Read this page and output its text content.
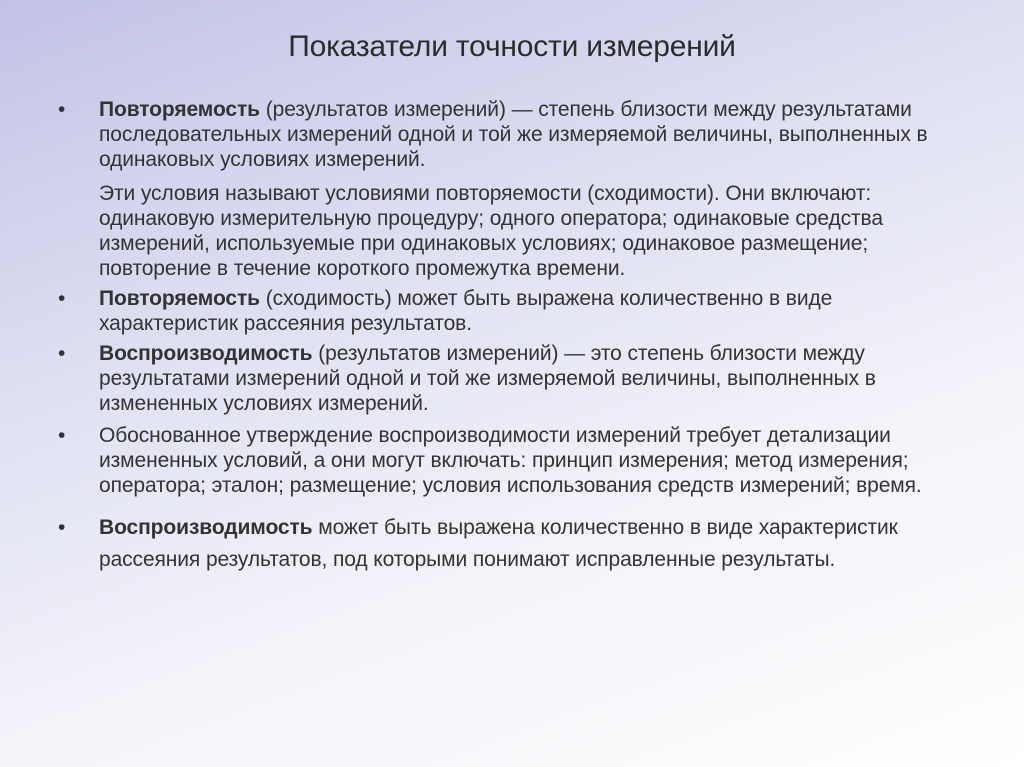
Показатели точности измерений
• Повторяемость (результатов измерений) — степень близости между результатами последовательных измерений одной и той же измеряемой величины, выполненных в одинаковых условиях измерений.
Эти условия называют условиями повторяемости (сходимости). Они включают: одинаковую измерительную процедуру; одного оператора; одинаковые средства измерений, используемые при одинаковых условиях; одинаковое размещение; повторение в течение короткого промежутка времени.
• Повторяемость (сходимость) может быть выражена количественно в виде характеристик рассеяния результатов.
• Воспроизводимость (результатов измерений) — это степень близости между результатами измерений одной и той же измеряемой величины, выполненных в измененных условиях измерений.
• Обоснованное утверждение воспроизводимости измерений требует детализации измененных условий, а они могут включать: принцип измерения; метод измерения; оператора; эталон; размещение; условия использования средств измерений; время.
• Воспроизводимость может быть выражена количественно в виде характеристик рассеяния результатов, под которыми понимают исправленные результаты.
